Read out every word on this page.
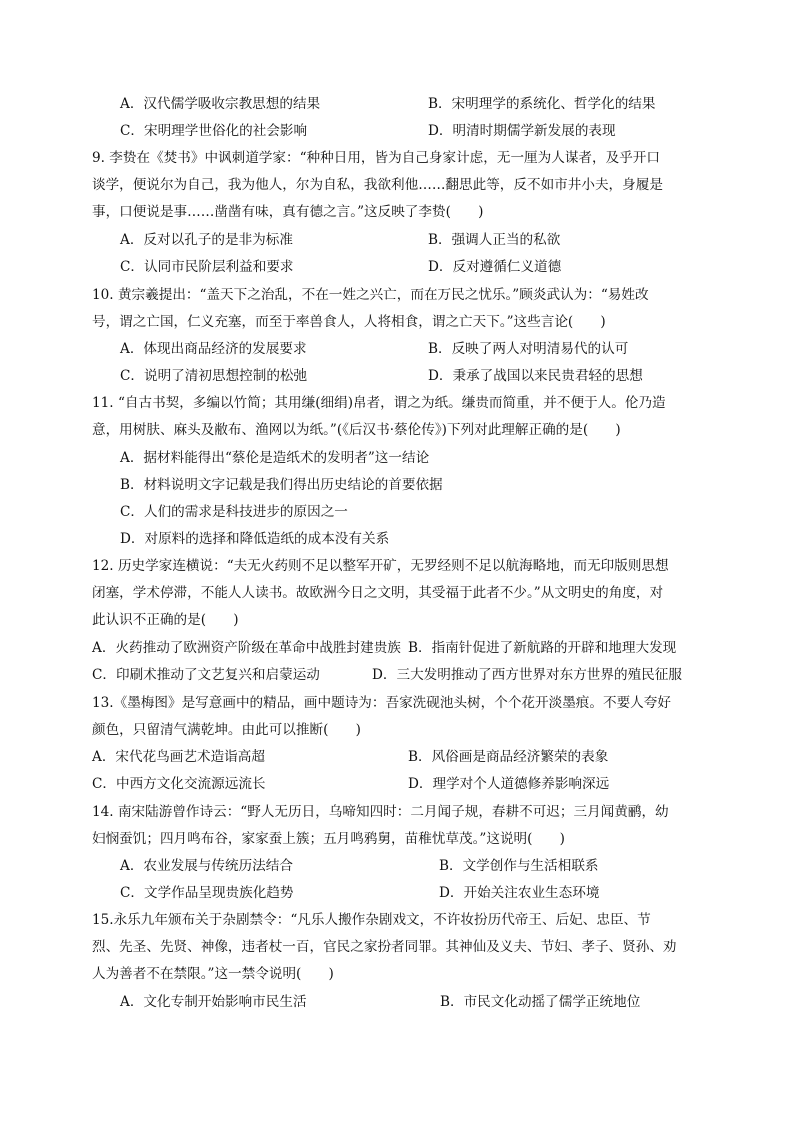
A．汉代儒学吸收宗教思想的结果	B．宋明理学的系统化、哲学化的结果
C．宋明理学世俗化的社会影响	D．明清时期儒学新发展的表现
9. 李贽在《焚书》中讽刺道学家：“种种日用，皆为自己身家计虑，无一厘为人谋者，及乎开口
谈学，便说尔为自己，我为他人，尔为自私，我欲利他……翻思此等，反不如市井小夫，身履是
事，口便说是事……凿凿有味，真有德之言。”这反映了李贽(　　)
A．反对以孔子的是非为标准	B．强调人正当的私欲
C．认同市民阶层利益和要求	D．反对遵循仁义道德
10. 黄宗羲提出：“盖天下之治乱，不在一姓之兴亡，而在万民之忧乐。”顾炎武认为：“易姓改
号，谓之亡国，仁义充塞，而至于率兽食人，人将相食，谓之亡天下。”这些言论(　　)
A．体现出商品经济的发展要求	B．反映了两人对明清易代的认可
C．说明了清初思想控制的松弛	D．秉承了战国以来民贵君轻的思想
11. “自古书契，多编以竹简；其用缣(细绢)帛者，谓之为纸。缣贵而简重，并不便于人。伦乃造
意，用树肤、麻头及敝布、渔网以为纸。”(《后汉书·蔡伦传》)下列对此理解正确的是(　　)
A．据材料能得出“蔡伦是造纸术的发明者”这一结论
B．材料说明文字记载是我们得出历史结论的首要依据
C．人们的需求是科技进步的原因之一
D．对原料的选择和降低造纸的成本没有关系
12. 历史学家连横说：“夫无火药则不足以整军开矿，无罗经则不足以航海略地，而无印版则思想
闭塞，学术停滞，不能人人读书。故欧洲今日之文明，其受福于此者不少。”从文明史的角度，对
此认识不正确的是(　　)
A．火药推动了欧洲资产阶级在革命中战胜封建贵族 B．指南针促进了新航路的开辟和地理大发现
C．印刷术推动了文艺复兴和启蒙运动	D．三大发明推动了西方世界对东方世界的殖民征服
13.《墨梅图》是写意画中的精品，画中题诗为：吾家洗砚池头树，个个花开淡墨痕。不要人夸好
颜色，只留清气满乾坤。由此可以推断(　　)
A．宋代花鸟画艺术造诣高超	B．风俗画是商品经济繁荣的表象
C．中西方文化交流源远流长	D．理学对个人道德修养影响深远
14. 南宋陆游曾作诗云：“野人无历日，乌啼知四时：二月闻子规，春耕不可迟；三月闻黄鹂，幼
妇悯蚕饥；四月鸣布谷，家家蚕上簇；五月鸣鸦舅，苗稚忧草茂。”这说明(　　)
A．农业发展与传统历法结合	B．文学创作与生活相联系
C．文学作品呈现贵族化趋势	D．开始关注农业生态环境
15.永乐九年颁布关于杂剧禁令：“凡乐人搬作杂剧戏文，不许妆扮历代帝王、后妃、忠臣、节
烈、先圣、先贤、神像，违者杖一百，官民之家扮者同罪。其神仙及义夫、节妇、孝子、贤孙、劝
人为善者不在禁限。”这一禁令说明(　　)
A．文化专制开始影响市民生活	B．市民文化动摇了儒学正统地位
